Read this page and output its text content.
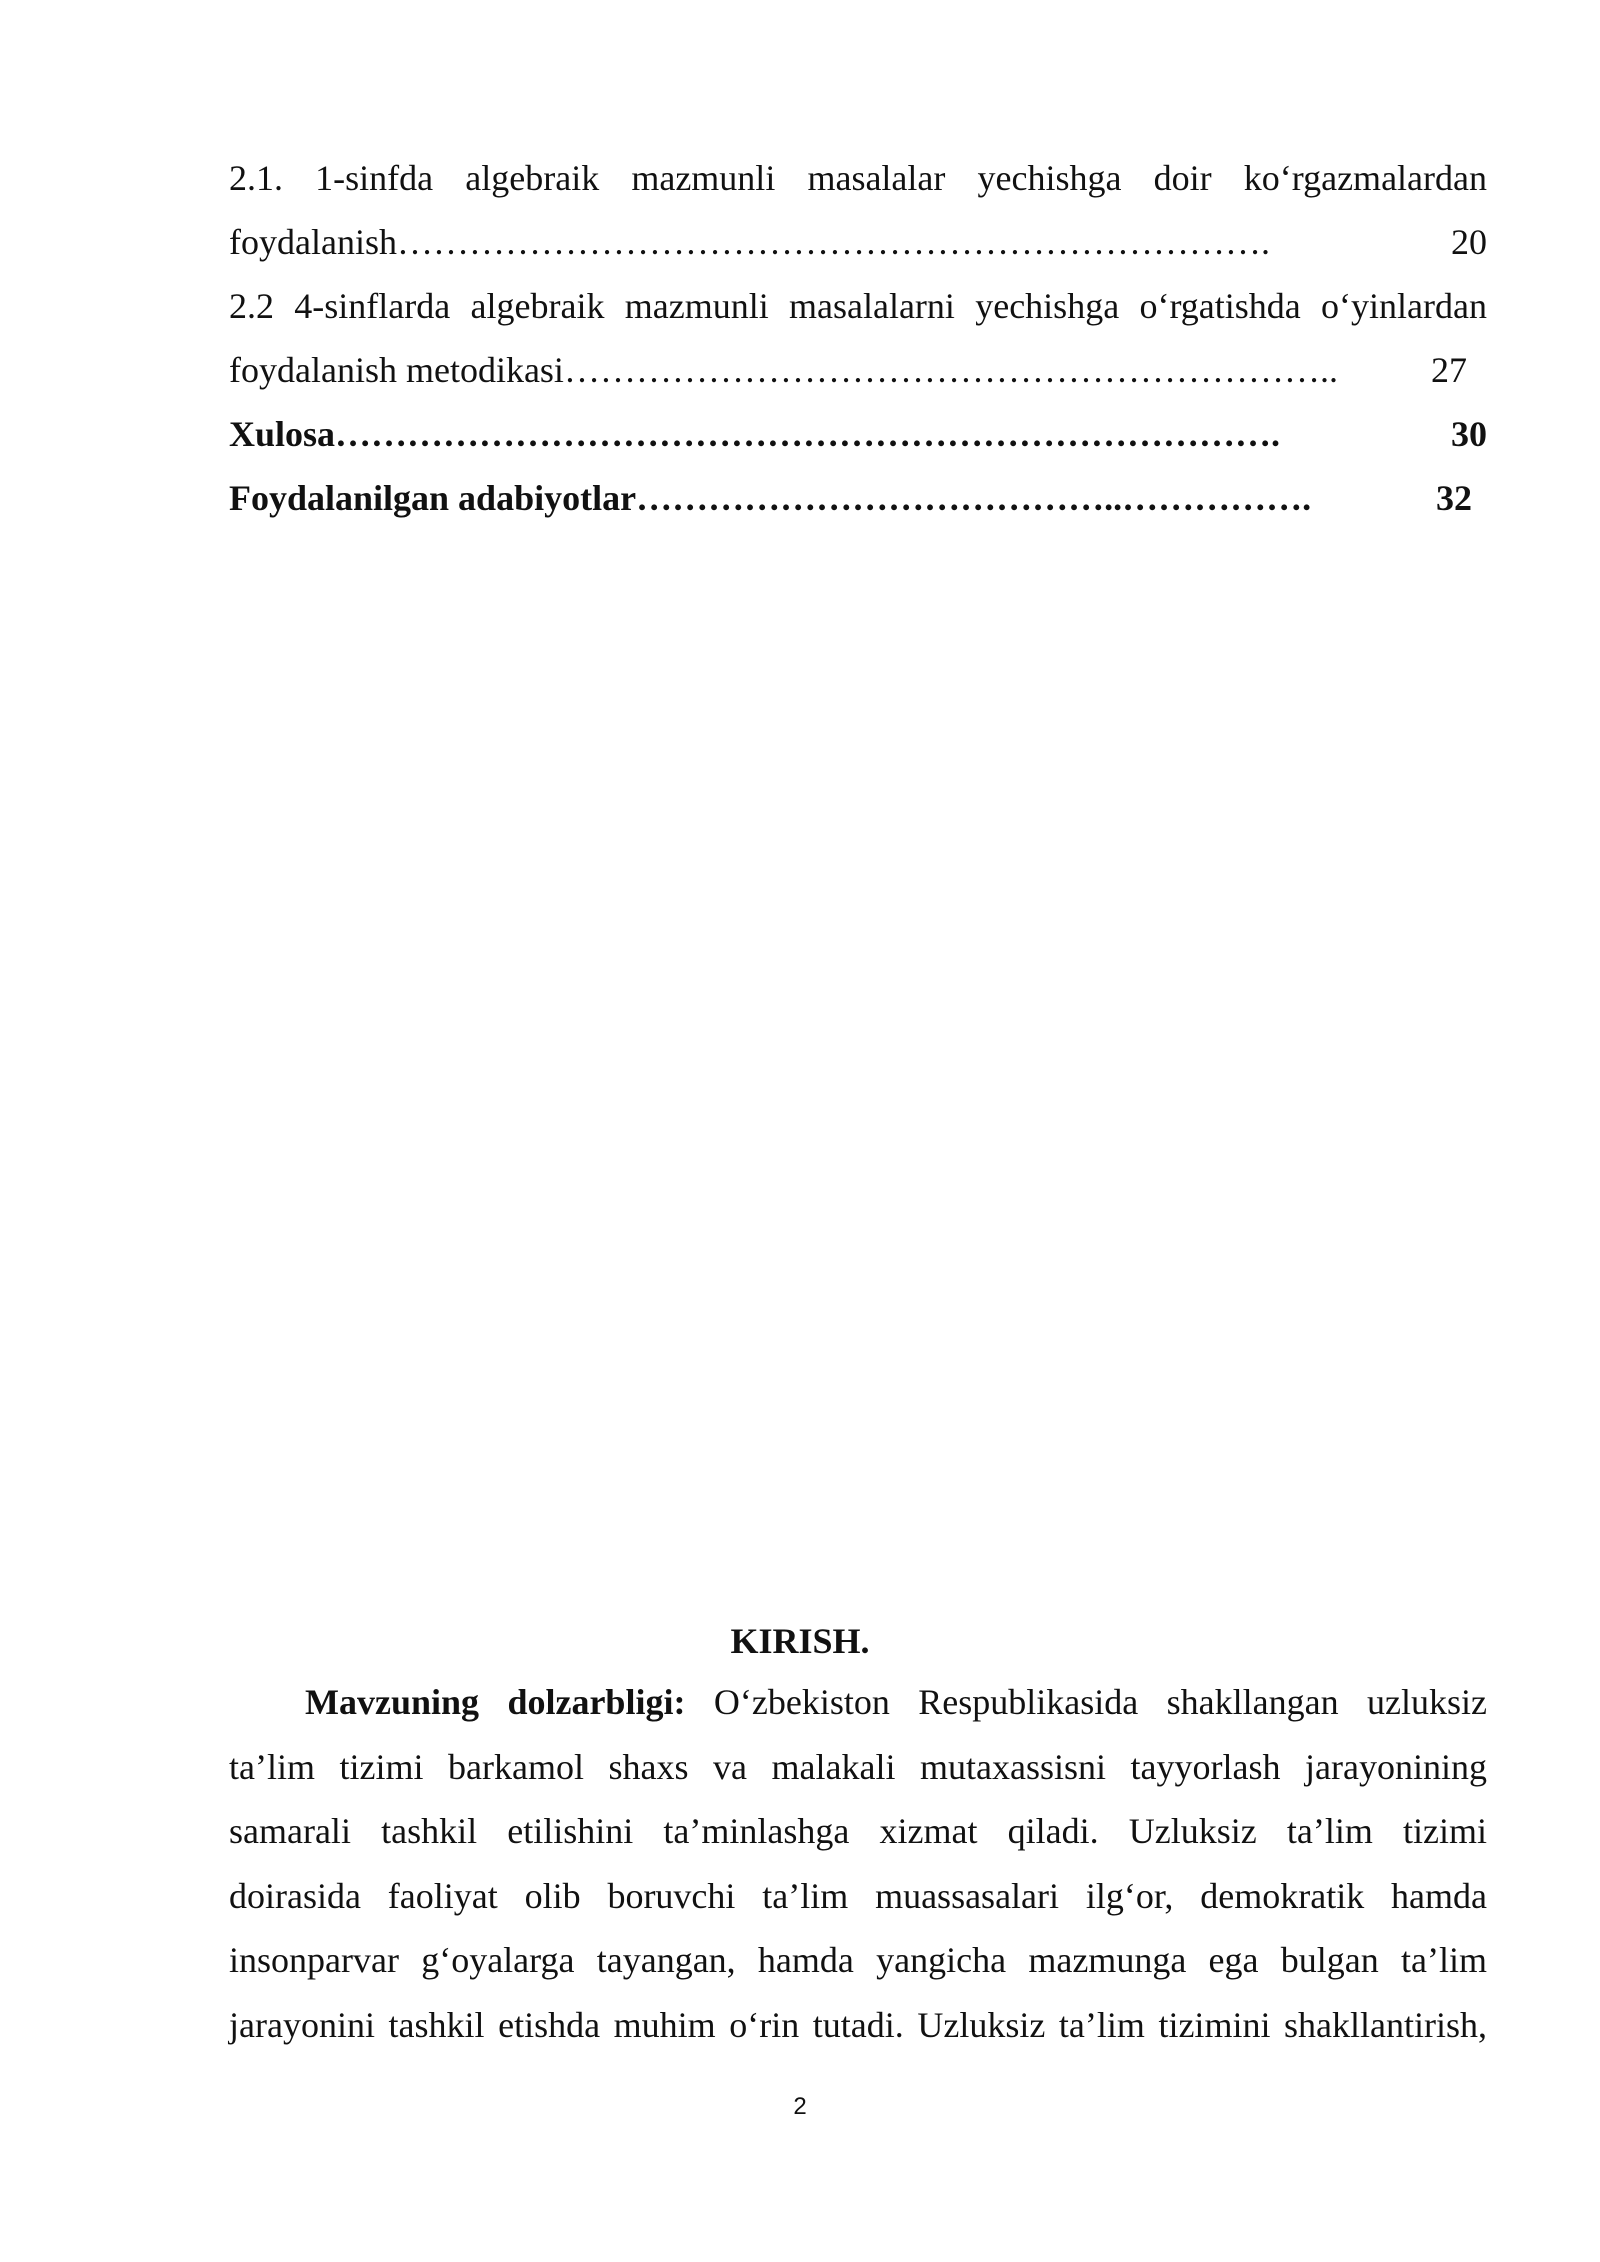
2.1. 1-sinfda algebraik mazmunli masalalar yechishga doir ko‘rgazmalardan
foydalanish ……………………………………………………………….	20
2.2 4-sinflarda algebraik mazmunli masalalarni yechishga o‘rgatishda o‘yinlardan
foydalanish metodikasi ………………………………………………………..	27
Xulosa …………………………………………………………………….	30
Foydalanilgan adabiyotlar …………………………………..…………….	32
KIRISH.
Mavzuning dolzarbligi: O‘zbekiston Respublikasida shakllangan uzluksiz
ta’lim tizimi barkamol shaxs va malakali mutaxassisni tayyorlash jarayonining
samarali tashkil etilishini ta’minlashga xizmat qiladi. Uzluksiz ta’lim tizimi
doirasida faoliyat olib boruvchi ta’lim muassasalari ilg‘or, demokratik hamda
insonparvar g‘oyalarga tayangan, hamda yangicha mazmunga ega bulgan ta’lim
jarayonini tashkil etishda muhim o‘rin tutadi. Uzluksiz ta’lim tizimini shakllantirish,
2
